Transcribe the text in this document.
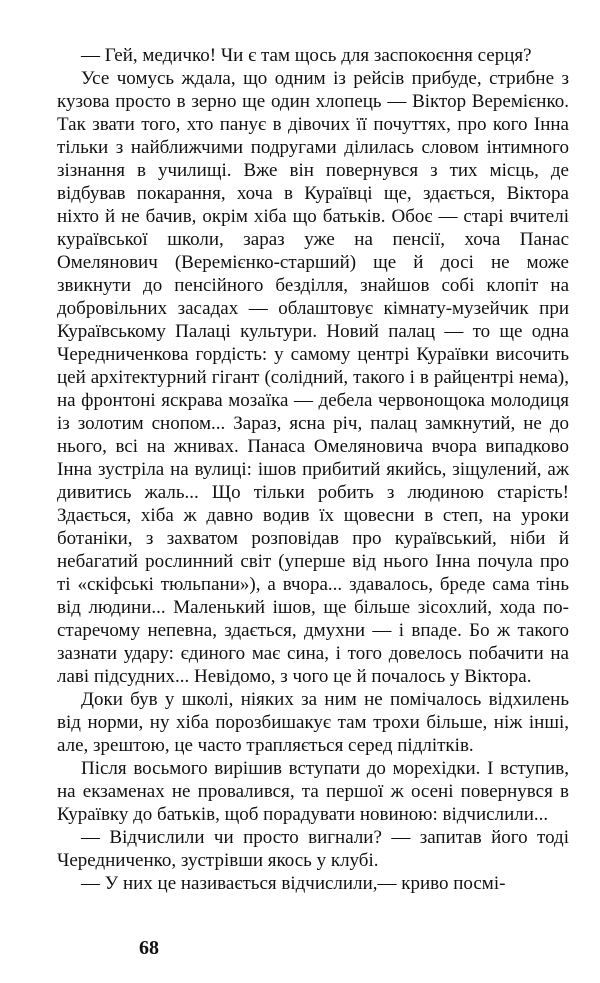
— Гей, медичко! Чи є там щось для заспокоєння серця?

Усе чомусь ждала, що одним із рейсів прибуде, стрибне з кузова просто в зерно ще один хлопець — Віктор Веремієнко. Так звати того, хто панує в дівочих її почуттях, про кого Інна тільки з найближчими подругами ділилась словом інтимного зізнання в училищі. Вже він повернувся з тих місць, де відбував покарання, хоча в Кураївці ще, здається, Віктора ніхто й не бачив, окрім хіба що батьків. Обоє — старі вчителі кураївської школи, зараз уже на пенсії, хоча Панас Омелянович (Веремієнко-старший) ще й досі не може звикнути до пенсійного безділля, знайшов собі клопіт на добровільних засадах — облаштовує кімнату-музейчик при Кураївському Палаці культури. Новий палац — то ще одна Чередниченкова гордість: у самому центрі Кураївки височить цей архітектурний гігант (солідний, такого і в райцентрі нема), на фронтоні яскрава мозаїка — дебела червонощока молодиця із золотим снопом... Зараз, ясна річ, палац замкнутий, не до нього, всі на жнивах. Панаса Омеляновича вчора випадково Інна зустріла на вулиці: ішов прибитий якийсь, зіщулений, аж дивитись жаль... Що тільки робить з людиною старість! Здається, хіба ж давно водив їх щовесни в степ, на уроки ботаніки, з захватом розповідав про кураївський, ніби й небагатий рослинний світ (уперше від нього Інна почула про ті «скіфські тюльпани»), а вчора... здавалось, бреде сама тінь від людини... Маленький ішов, ще більше зісохлий, хода по-старечому непевна, здається, дмухни — і впаде. Бо ж такого зазнати удару: єдиного має сина, і того довелось побачити на лаві підсудних... Невідомо, з чого це й почалось у Віктора.

Доки був у школі, ніяких за ним не помічалось відхилень від норми, ну хіба порозбишакує там трохи більше, ніж інші, але, зрештою, це часто трапляється серед підлітків.

Після восьмого вирішив вступати до морехідки. І вступив, на екзаменах не провалився, та першої ж осені повернувся в Кураївку до батьків, щоб порадувати новиною: відчислили...

— Відчислили чи просто вигнали? — запитав його тоді Чередниченко, зустрівши якось у клубі.

— У них це називається відчислили,— криво посмі-

68
